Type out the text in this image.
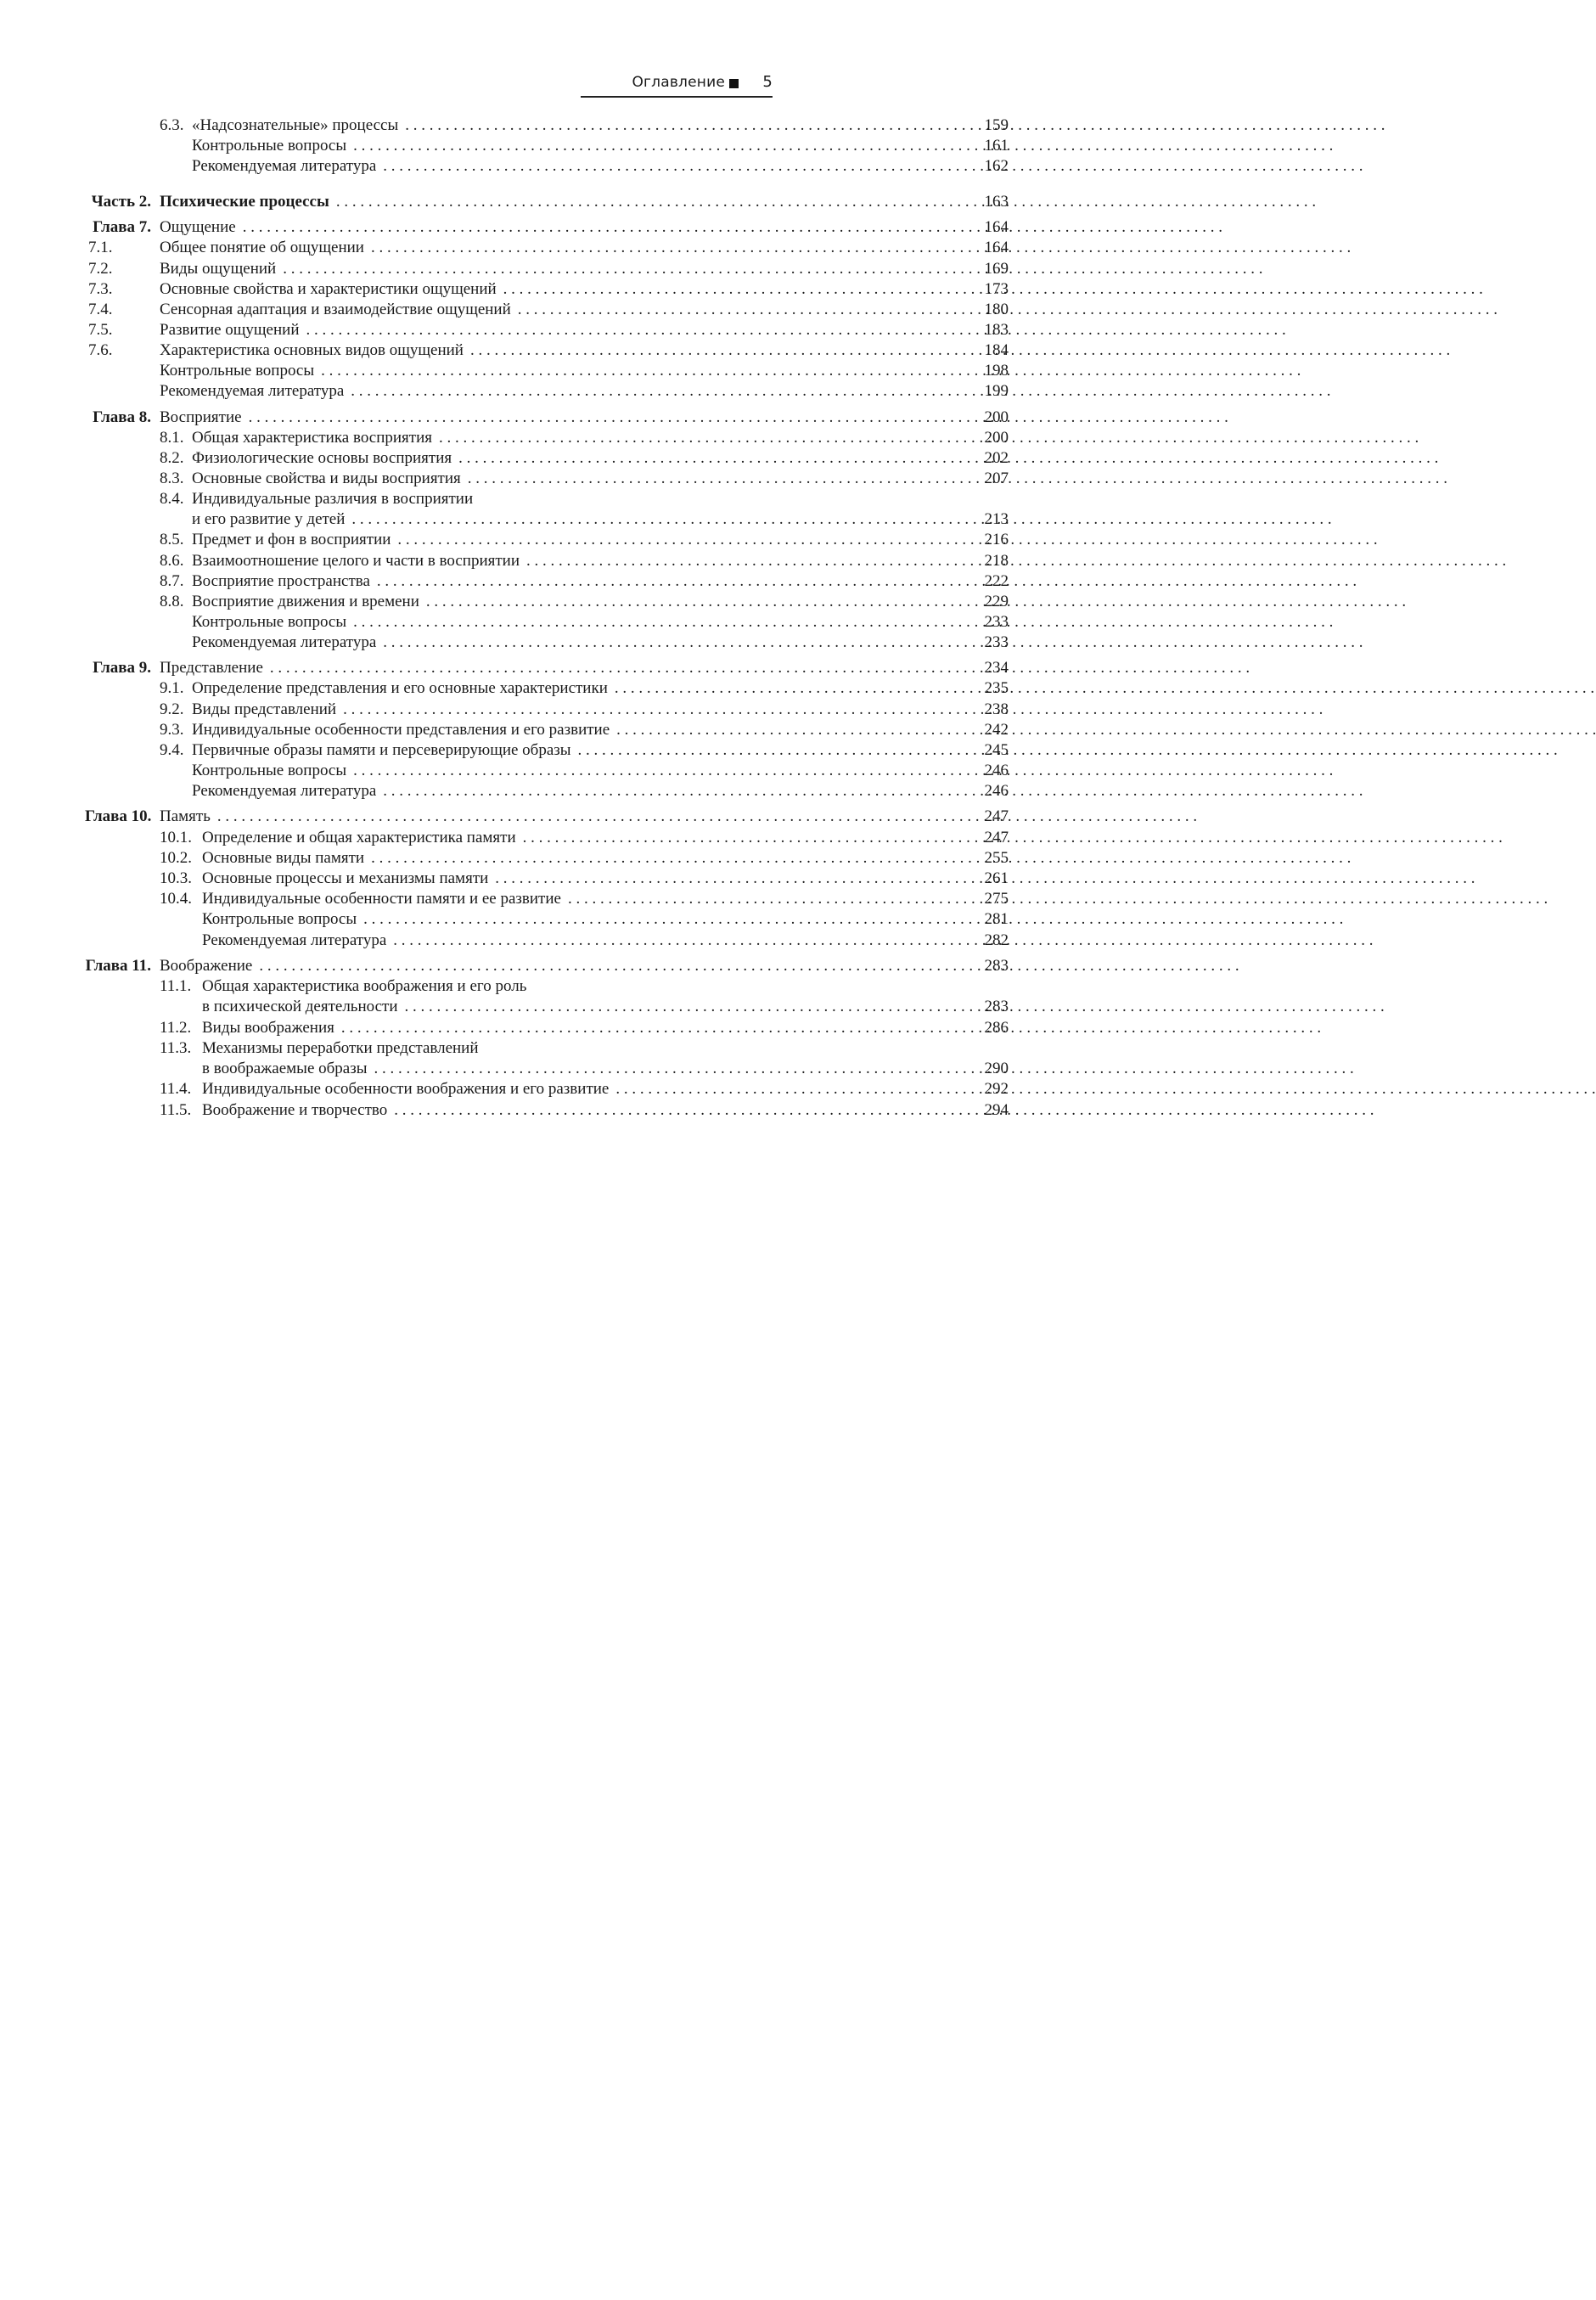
Оглавление 5
6.3. «Надсознательные» процессы . . .	159
Контрольные вопросы . . .	161
Рекомендуемая литература . . .	162
Часть 2. Психические процессы . . .	163
Глава 7. Ощущение . . .	164
7.1.	Общее понятие об ощущении . . .	164
7.2.	Виды ощущений . . .	169
7.3.	Основные свойства и характеристики ощущений . . .	173
7.4.	Сенсорная адаптация и взаимодействие ощущений . . .	180
7.5.	Развитие ощущений . . .	183
7.6.	Характеристика основных видов ощущений . . .	184
Контрольные вопросы . . .	198
Рекомендуемая литература . . .	199
Глава 8. Восприятие . . .	200
8.1. Общая характеристика восприятия . . .	200
8.2. Физиологические основы восприятия . . .	202
8.3. Основные свойства и виды восприятия . . .	207
8.4. Индивидуальные различия в восприятии
и его развитие у детей . . .	213
8.5. Предмет и фон в восприятии . . .	216
8.6. Взаимоотношение целого и части в восприятии . . .	218
8.7. Восприятие пространства . . .	222
8.8. Восприятие движения и времени . . .	229
Контрольные вопросы . . .	233
Рекомендуемая литература . . .	233
Глава 9. Представление . . .	234
9.1. Определение представления и его основные характеристики . . .	235
9.2. Виды представлений . . .	238
9.3. Индивидуальные особенности представления и его развитие . . .	242
9.4. Первичные образы памяти и персеверирующие образы . . .	245
Контрольные вопросы . . .	246
Рекомендуемая литература . . .	246
Глава 10. Память . . .	247
10.1. Определение и общая характеристика памяти . . .	247
10.2. Основные виды памяти . . .	255
10.3. Основные процессы и механизмы памяти . . .	261
10.4. Индивидуальные особенности памяти и ее развитие . . .	275
Контрольные вопросы . . .	281
Рекомендуемая литература . . .	282
Глава 11. Воображение . . .	283
11.1. Общая характеристика воображения и его роль
в психической деятельности . . .	283
11.2. Виды воображения . . .	286
11.3. Механизмы переработки представлений
в воображаемые образы . . .	290
11.4. Индивидуальные особенности воображения и его развитие . . .	292
11.5. Воображение и творчество . . .	294
